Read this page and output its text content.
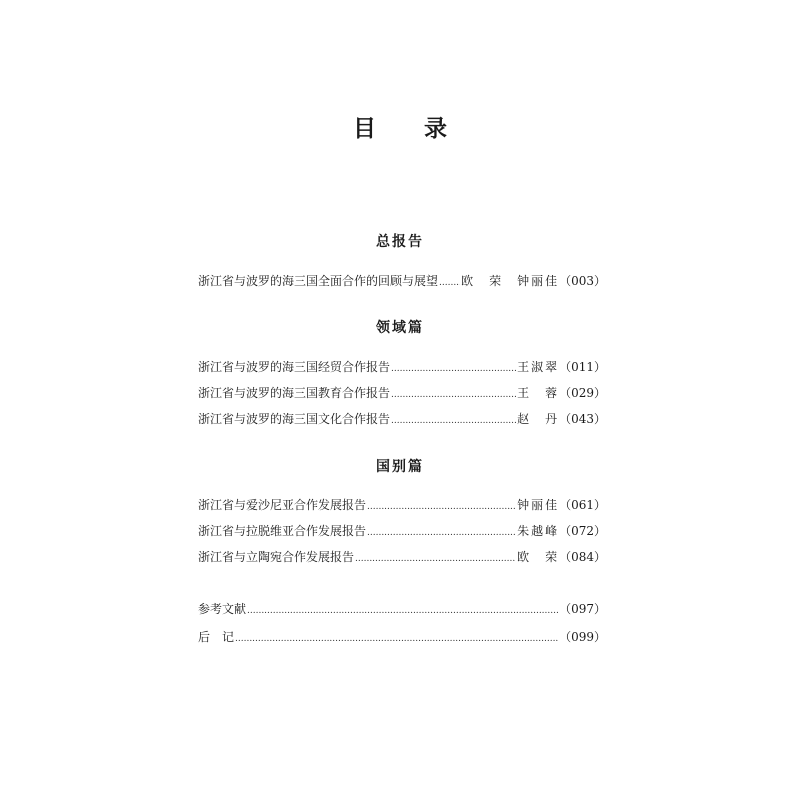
目 录
总报告
浙江省与波罗的海三国全面合作的回顾与展望 ..... 欧　荣　钟丽佳 （003）
领域篇
浙江省与波罗的海三国经贸合作报告 .....	王淑翠 （011）
浙江省与波罗的海三国教育合作报告 .....	王　蓉 （029）
浙江省与波罗的海三国文化合作报告 .....	赵　丹 （043）
国别篇
浙江省与爱沙尼亚合作发展报告 .....	钟丽佳 （061）
浙江省与拉脱维亚合作发展报告 .....	朱越峰 （072）
浙江省与立陶宛合作发展报告 .....	欧　荣 （084）
参考文献 .....	（097）
后　记 .....	（099）
